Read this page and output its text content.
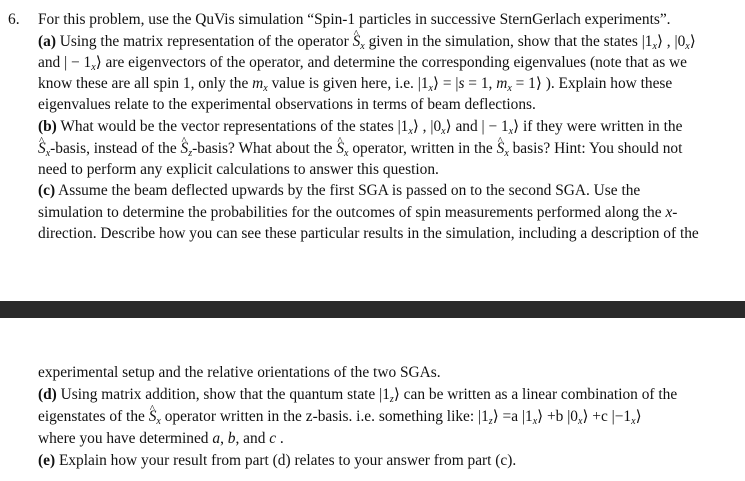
6. For this problem, use the QuVis simulation “Spin-1 particles in successive SternGerlach experiments”.
(a) Using the matrix representation of the operator ^ $S_x$ given in the simulation, show that the states $|1_x⟩$ , $|0_x⟩$
and | − $1_x⟩$ are eigenvectors of the operator, and determine the corresponding eigenvalues (note that as we
know these are all spin 1, only the $m_x$ value is given here, i.e. $|1_x⟩ = |s = 1$, $m_x$ = 1⟩ ). Explain how these
eigenvalues relate to the experimental observations in terms of beam deflections.
(b) What would be the vector representations of the states $|1_x⟩$ , $|0_x⟩$ and | − $1_x⟩$ if they were written in the
^ $S_x$-basis, instead of the ^ $S_z$-basis? What about the ^ $S_x$ operator, written in the ^ $S_x$ basis? Hint: You should not
need to perform any explicit calculations to answer this question.
(c) Assume the beam deflected upwards by the first SGA is passed on to the second SGA. Use the
simulation to determine the probabilities for the outcomes of spin measurements performed along the x-
direction. Describe how you can see these particular results in the simulation, including a description of the
experimental setup and the relative orientations of the two SGAs.
(d) Using matrix addition, show that the quantum state $|1_z⟩$ can be written as a linear combination of the
eigenstates of the ^ $S_x$ operator written in the z-basis. i.e. something like: $|1_z⟩ =a$ $|1_x⟩ +b$ $|0_x⟩ +c$ $|-1_x⟩$
where you have determined a, b, and c .
(e) Explain how your result from part (d) relates to your answer from part (c).
